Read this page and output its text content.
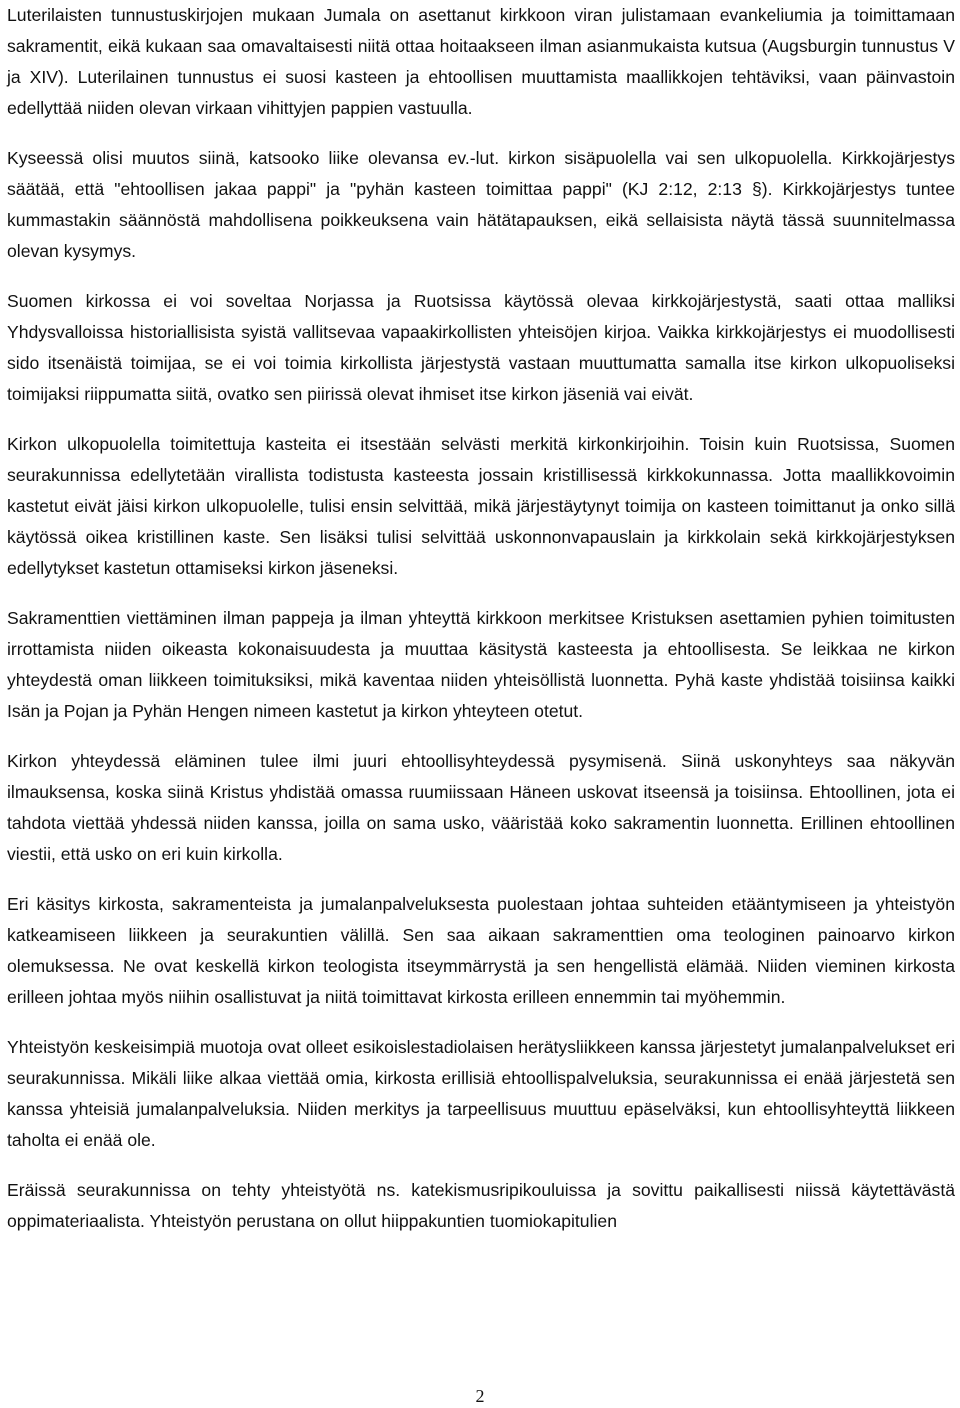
Luterilaisten tunnustuskirjojen mukaan Jumala on asettanut kirkkoon viran julistamaan evankeliumia ja toimittamaan sakramentit, eikä kukaan saa omavaltaisesti niitä ottaa hoitaakseen ilman asianmukaista kutsua (Augsburgin tunnustus V ja XIV). Luterilainen tunnustus ei suosi kasteen ja ehtoollisen muuttamista maallikkojen tehtäviksi, vaan päinvastoin edellyttää niiden olevan virkaan vihittyjen pappien vastuulla.

Kyseessä olisi muutos siinä, katsooko liike olevansa ev.-lut. kirkon sisäpuolella vai sen ulkopuolella. Kirkkojärjestys säätää, että "ehtoollisen jakaa pappi" ja "pyhän kasteen toimittaa pappi" (KJ 2:12, 2:13 §). Kirkkojärjestys tuntee kummastakin säännöstä mahdollisena poikkeuksena vain hätätapauksen, eikä sellaisista näytä tässä suunnitelmassa olevan kysymys.

Suomen kirkossa ei voi soveltaa Norjassa ja Ruotsissa käytössä olevaa kirkkojärjestystä, saati ottaa malliksi Yhdysvalloissa historiallisista syistä vallitsevaa vapaakirkollisten yhteisöjen kirjoa. Vaikka kirkkojärjestys ei muodollisesti sido itsenäistä toimijaa, se ei voi toimia kirkollista järjestystä vastaan muuttumatta samalla itse kirkon ulkopuoliseksi toimijaksi riippumatta siitä, ovatko sen piirissä olevat ihmiset itse kirkon jäseniä vai eivät.

Kirkon ulkopuolella toimitettuja kasteita ei itsestään selvästi merkitä kirkonkirjoihin. Toisin kuin Ruotsissa, Suomen seurakunnissa edellytetään virallista todistusta kasteesta jossain kristillisessä kirkkokunnassa. Jotta maallikkovoimin kastetut eivät jäisi kirkon ulkopuolelle, tulisi ensin selvittää, mikä järjestäytynyt toimija on kasteen toimittanut ja onko sillä käytössä oikea kristillinen kaste. Sen lisäksi tulisi selvittää uskonnonvapauslain ja kirkkolain sekä kirkkojärjestyksen edellytykset kastetun ottamiseksi kirkon jäseneksi.

Sakramenttien viettäminen ilman pappeja ja ilman yhteyttä kirkkoon merkitsee Kristuksen asettamien pyhien toimitusten irrottamista niiden oikeasta kokonaisuudesta ja muuttaa käsitystä kasteesta ja ehtoollisesta. Se leikkaa ne kirkon yhteydestä oman liikkeen toimituksiksi, mikä kaventaa niiden yhteisöllistä luonnetta. Pyhä kaste yhdistää toisiinsa kaikki Isän ja Pojan ja Pyhän Hengen nimeen kastetut ja kirkon yhteyteen otetut.

Kirkon yhteydessä eläminen tulee ilmi juuri ehtoollisyhteydessä pysymisenä. Siinä uskonyhteys saa näkyvän ilmauksensa, koska siinä Kristus yhdistää omassa ruumiissaan Häneen uskovat itseensä ja toisiinsa. Ehtoollinen, jota ei tahdota viettää yhdessä niiden kanssa, joilla on sama usko, vääristää koko sakramentin luonnetta. Erillinen ehtoollinen viestii, että usko on eri kuin kirkolla.

Eri käsitys kirkosta, sakramenteista ja jumalanpalveluksesta puolestaan johtaa suhteiden etääntymiseen ja yhteistyön katkeamiseen liikkeen ja seurakuntien välillä. Sen saa aikaan sakramenttien oma teologinen painoarvo kirkon olemuksessa. Ne ovat keskellä kirkon teologista itseymmärrystä ja sen hengellistä elämää. Niiden vieminen kirkosta erilleen johtaa myös niihin osallistuvat ja niitä toimittavat kirkosta erilleen ennemmin tai myöhemmin.

Yhteistyön keskeisimpiä muotoja ovat olleet esikoislestadiolaisen herätysliikkeen kanssa järjestetyt jumalanpalvelukset eri seurakunnissa. Mikäli liike alkaa viettää omia, kirkosta erillisiä ehtoollispalveluksia, seurakunnissa ei enää järjestetä sen kanssa yhteisiä jumalanpalveluksia. Niiden merkitys ja tarpeellisuus muuttuu epäselväksi, kun ehtoollisyhteyttä liikkeen taholta ei enää ole.

Eräissä seurakunnissa on tehty yhteistyötä ns. katekismusripikouluissa ja sovittu paikallisesti niissä käytettävästä oppimateriaalista. Yhteistyön perustana on ollut hiippakuntien tuomiokapitulien

2
